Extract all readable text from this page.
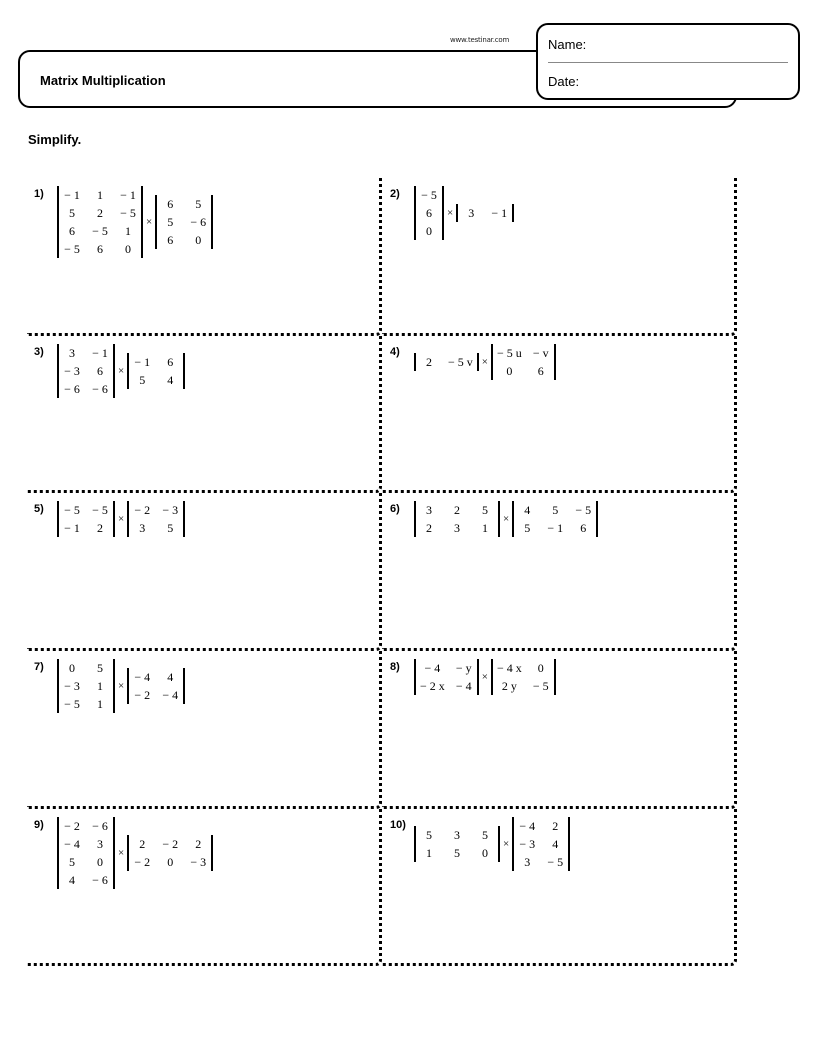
www.testinar.com
Matrix Multiplication
Name:
Date:
Simplify.
1) − 1	1	− 1
5	2	− 5
6	− 5	1
− 5	6	0
×
6	5
5	− 6
6	0
2) − 5
6
0
×	3	− 1
3)	3	− 1
− 3	6
− 6 − 6
×
− 1	6
5	4
4)
2	− 5 v ×
− 5 u − v
0	6
5) − 5 − 5
− 1	2
×
− 2 − 3
3	5
6)	3	2	5
2	3	1
×
4	5	− 5
5	− 1	6
7)	0	5
− 3	1
− 5	1
×
− 4	4
− 2 − 4
8)	− 4	− y
− 2 x − 4
×
− 4 x	0
2 y	− 5
9) − 2 − 6
− 4	3
5	0
4	− 6
×
2	− 2	2
− 2	0	− 3
10)
5	3	5
1	5	0
×
− 4	2
− 3	4
3	− 5
